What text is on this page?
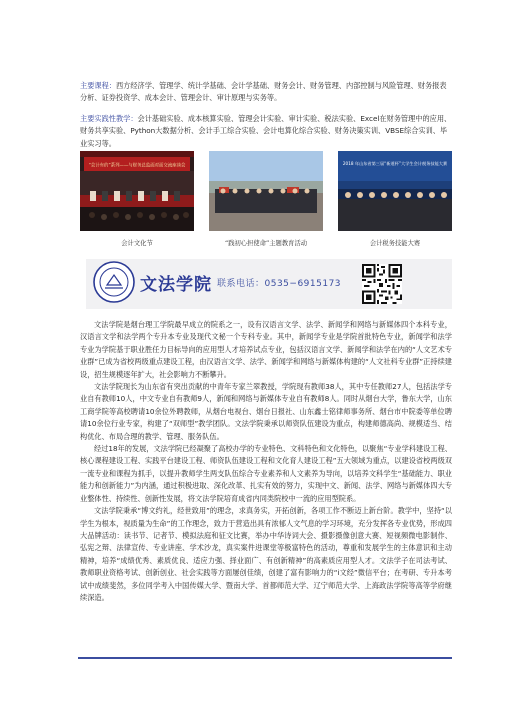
主要课程：西方经济学、管理学、统计学基础、会计学基础、财务会计、财务管理、内部控制与风险管理、财务报表分析、证券投资学、成本会计、管理会计、审计原理与实务等。
主要实践性教学：会计基础实验、成本核算实验、管理会计实验、审计实验、税法实验、Excel在财务管理中的应用、财务共享实验、Python大数据分析、会计手工综合实验、会计电算化综合实验、财务决策实训、VBSE综合实训、毕业实习等。
“会计有约”系列——与财务总监面对面交流座谈会
会计文化节	“践初心担使命”主题教育活动
2018 年山东省第三届“新道杯”大学生会计税务技能大赛
会计税务技能大赛
文法学院 联系电话：0535−6915173

文法学院是烟台理工学院最早成立的院系之一，设有汉语言文学、法学、新闻学和网络与新媒体四个本科专业，汉语言文学和法学两个专升本专业及现代文秘一个专科专业。其中，新闻学专业是学院首批特色专业，新闻学和法学专业为学院基于职业胜任力目标导向的应用型人才培养试点专业，包括汉语言文学、新闻学和法学在内的“人文艺术专业群”已成为省校两级重点建设工程，由汉语言文学、法学、新闻学和网络与新媒体构建的“人文社科专业群”正持续建设，招生规模逐年扩大，社会影响力不断攀升。

文法学院现长为山东省有突出贡献的中青年专家兰翠教授，学院现有教师38人，其中专任教师27人，包括法学专业自有教师10人，中文专业自有教师9人，新闻和网络与新媒体专业自有教师8人。同时从烟台大学，鲁东大学，山东工商学院等高校聘请10余位外聘教师，从烟台电视台、烟台日报社、山东鑫士铭律师事务所、烟台市中院委等单位聘请10余位行业专家，构建了“双师型”教学团队。文法学院秉承以师资队伍建设为重点，构建师德高尚、规模适当、结构优化、布局合理的教学、管理、服务队伍。

经过18年的发展，文法学院已经凝聚了高校办学的专业特色、文科特色和文化特色，以聚焦“专业学科建设工程、核心课程建设工程、实践平台建设工程、师资队伍建设工程和文化育人建设工程”五大领域为重点，以建设省校两级双一流专业和课程为抓手，以提升教师学生两支队伍综合专业素养和人文素养为导向，以培养文科学生“基础能力、职业能力和创新能力”为内涵，通过积极进取、深化改革、扎实有效的努力，实现中文、新闻、法学、网络与新媒体四大专业整体性、持续性、创新性发展，将文法学院培育成省内同类院校中一流的应用型院系。

文法学院秉承“博文约礼，经世致用”的理念，求真务实，开拓创新，各项工作不断迈上新台阶。教学中，坚持“以学生为根本，视质量为生命”的工作理念，致力于营造出具有浓郁人文气息的学习环境，充分发挥各专业优势，形成四大品牌活动：读书节、记者节、模拟法庭和征文比赛，举办中华诗词大会、摄影摄像创意大赛、短视频微电影制作、弘宪之辩、法律宣传、专业讲座、学术沙龙，真实案件进课堂等极富特色的活动，尊重和发展学生的主体意识和主动精神，培养“成绩优秀、素质优良、适应力强、择业面广、有创新精神”的高素质应用型人才。文法学子在司法考试、教师职业资格考试、创新创业、社会实践等方面屡创佳绩，创建了富有影响力的“i文经”微信平台；在考研、专升本考试中成绩斐然，多位同学考入中国传媒大学、暨南大学、首都师范大学、辽宁师范大学、上海政法学院等高等学府继续深造。
